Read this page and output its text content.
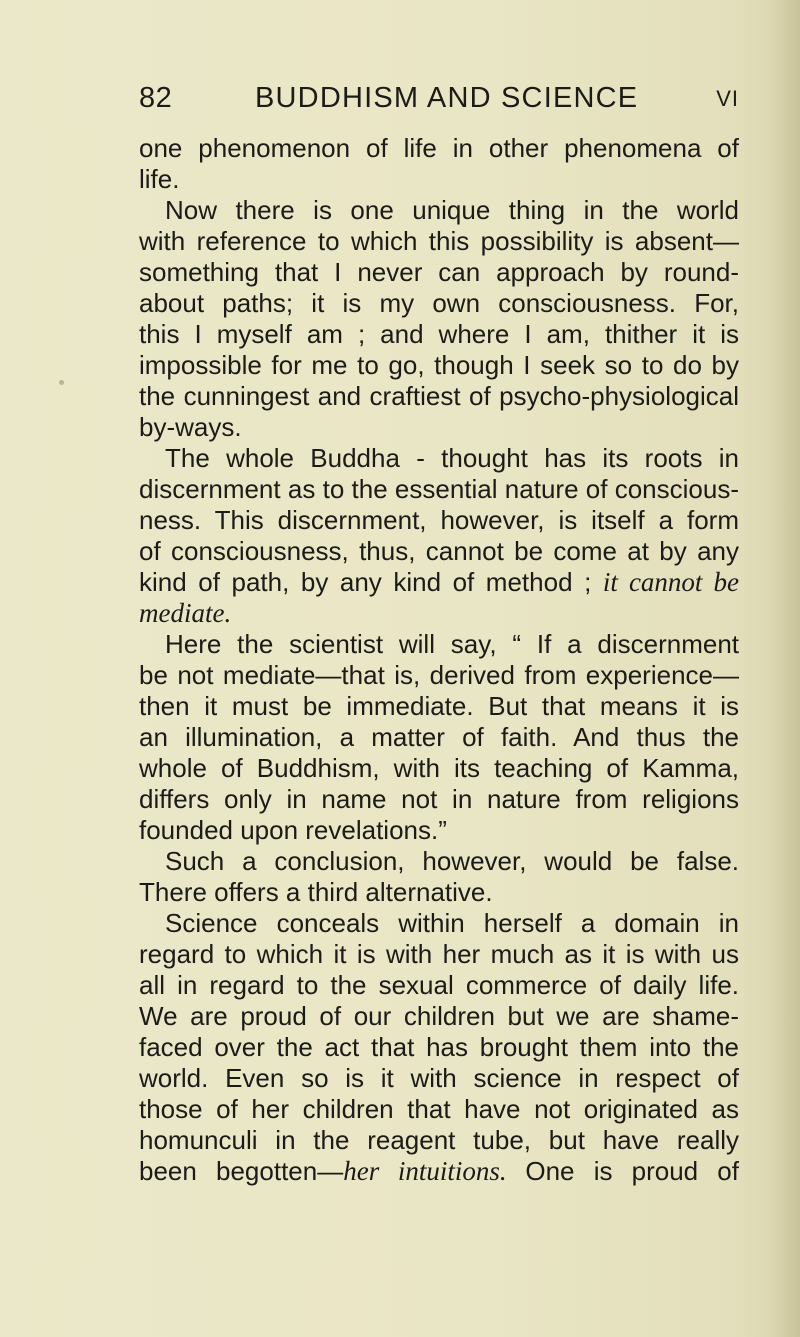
82	BUDDHISM AND SCIENCE	VI
one phenomenon of life in other phenomena of
life.
Now there is one unique thing in the world
with reference to which this possibility is absent—
something that I never can approach by round-
about paths; it is my own consciousness. For,
this I myself am ; and where I am, thither it is
impossible for me to go, though I seek so to do by
the cunningest and craftiest of psycho-physiological
by-ways.
The whole Buddha - thought has its roots in
discernment as to the essential nature of conscious-
ness. This discernment, however, is itself a form
of consciousness, thus, cannot be come at by any
kind of path, by any kind of method ; it cannot be
mediate.
Here the scientist will say, “ If a discernment
be not mediate—that is, derived from experience—
then it must be immediate. But that means it is
an illumination, a matter of faith. And thus the
whole of Buddhism, with its teaching of Kamma,
differs only in name not in nature from religions
founded upon revelations.”
Such a conclusion, however, would be false.
There offers a third alternative.
Science conceals within herself a domain in
regard to which it is with her much as it is with us
all in regard to the sexual commerce of daily life.
We are proud of our children but we are shame-
faced over the act that has brought them into the
world. Even so is it with science in respect of
those of her children that have not originated as
homunculi in the reagent tube, but have really
been begotten—her intuitions. One is proud of
